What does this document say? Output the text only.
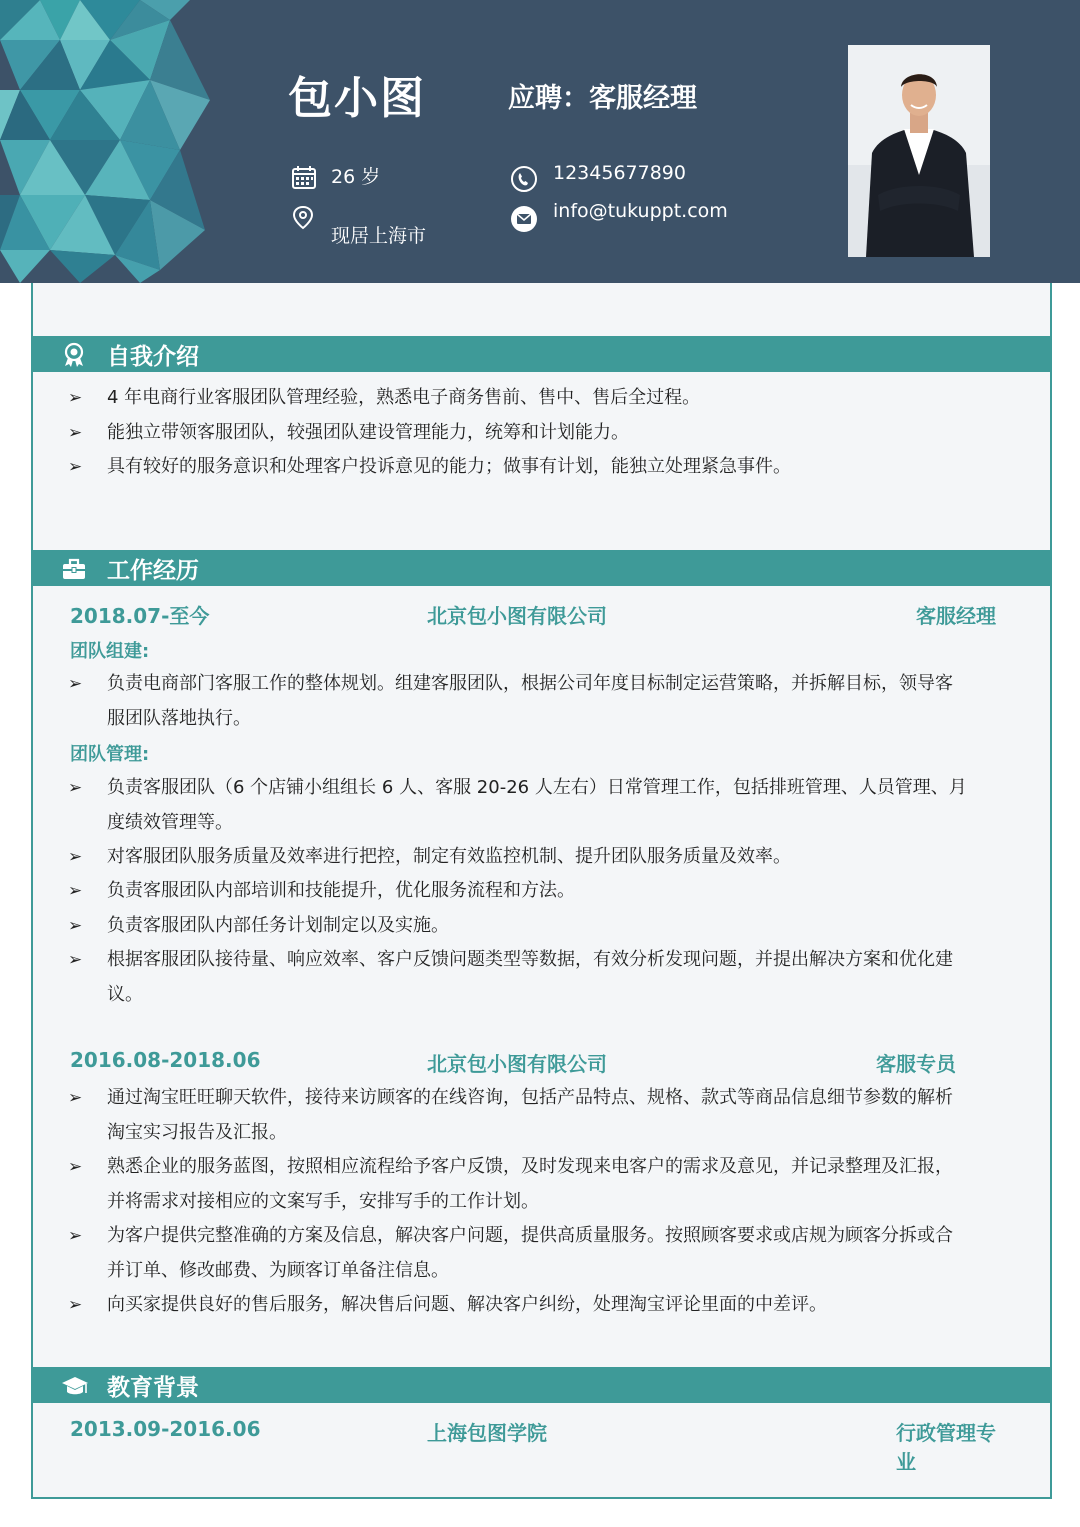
包小图	应聘：客服经理
26 岁
现居上海市
12345677890
info@tukuppt.com
自我介绍
➢ 4 年电商行业客服团队管理经验，熟悉电子商务售前、售中、售后全过程。
➢ 能独立带领客服团队，较强团队建设管理能力，统筹和计划能力。
➢ 具有较好的服务意识和处理客户投诉意见的能力；做事有计划，能独立处理紧急事件。
工作经历
2018.07-至今	北京包小图有限公司	客服经理
团队组建:
➢ 负责电商部门客服工作的整体规划。组建客服团队，根据公司年度目标制定运营策略，并拆解目标，领导客
服团队落地执行。
团队管理:
➢ 负责客服团队（6 个店铺小组组长 6 人、客服 20-26 人左右）日常管理工作，包括排班管理、人员管理、月
度绩效管理等。
➢ 对客服团队服务质量及效率进行把控，制定有效监控机制、提升团队服务质量及效率。
➢ 负责客服团队内部培训和技能提升，优化服务流程和方法。
➢ 负责客服团队内部任务计划制定以及实施。
➢ 根据客服团队接待量、响应效率、客户反馈问题类型等数据，有效分析发现问题，并提出解决方案和优化建
议。
2016.08-2018.06	北京包小图有限公司	客服专员
➢ 通过淘宝旺旺聊天软件，接待来访顾客的在线咨询，包括产品特点、规格、款式等商品信息细节参数的解析
淘宝实习报告及汇报。
➢ 熟悉企业的服务蓝图，按照相应流程给予客户反馈，及时发现来电客户的需求及意见，并记录整理及汇报，
并将需求对接相应的文案写手，安排写手的工作计划。
➢ 为客户提供完整准确的方案及信息，解决客户问题，提供高质量服务。按照顾客要求或店规为顾客分拆或合
并订单、修改邮费、为顾客订单备注信息。
➢ 向买家提供良好的售后服务，解决售后问题、解决客户纠纷，处理淘宝评论里面的中差评。
教育背景
2013.09-2016.06	上海包图学院	行政管理专业
